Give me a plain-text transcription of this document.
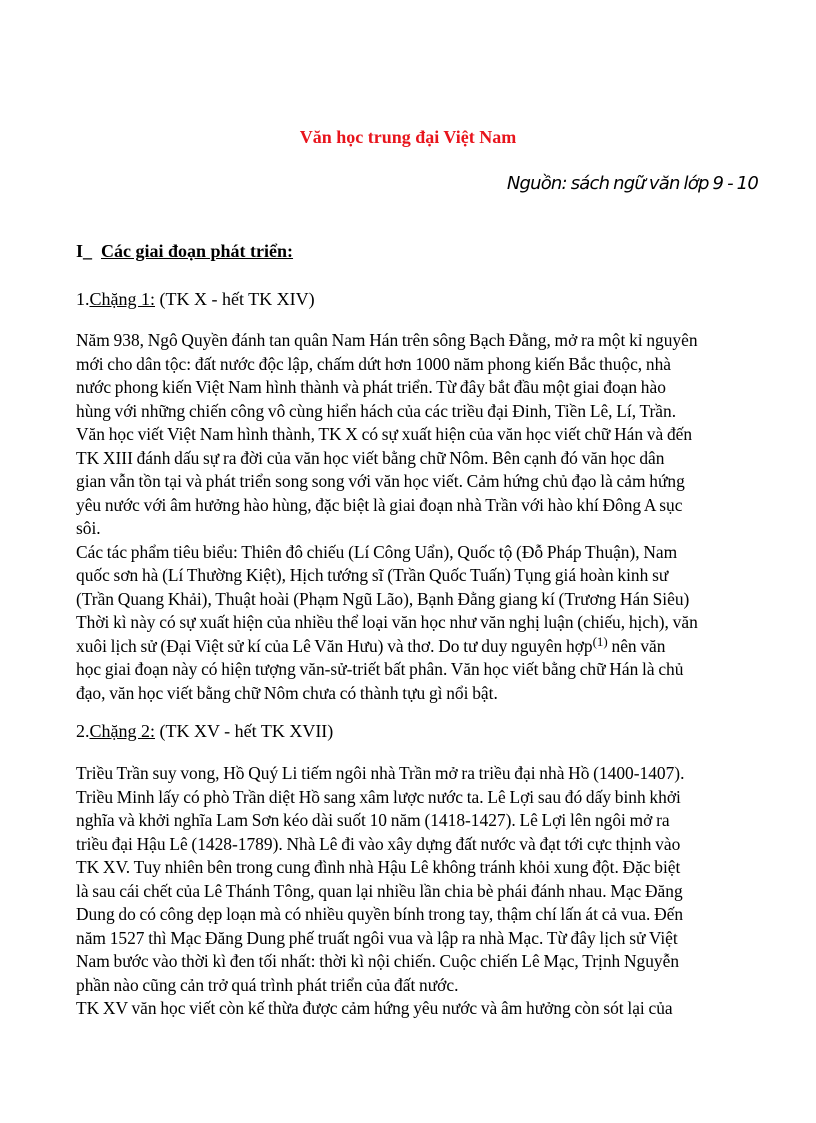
Văn học trung đại Việt Nam
Nguồn: sách ngữ văn lớp 9 - 10
I_ Các giai đoạn phát triển:
1.Chặng 1: (TK X - hết TK XIV)
Năm 938, Ngô Quyền đánh tan quân Nam Hán trên sông Bạch Đằng, mở ra một kỉ nguyên
mới cho dân tộc: đất nước độc lập, chấm dứt hơn 1000 năm phong kiến Bắc thuộc, nhà
nước phong kiến Việt Nam hình thành và phát triển. Từ đây bắt đầu một giai đoạn hào
hùng với những chiến công vô cùng hiển hách của các triều đại Đinh, Tiền Lê, Lí, Trần.
Văn học viết Việt Nam hình thành, TK X có sự xuất hiện của văn học viết chữ Hán và đến
TK XIII đánh dấu sự ra đời của văn học viết bằng chữ Nôm. Bên cạnh đó văn học dân
gian vẫn tồn tại và phát triển song song với văn học viết. Cảm hứng chủ đạo là cảm hứng
yêu nước với âm hưởng hào hùng, đặc biệt là giai đoạn nhà Trần với hào khí Đông A sục
sôi.
Các tác phẩm tiêu biểu: Thiên đô chiếu (Lí Công Uẩn), Quốc tộ (Đỗ Pháp Thuận), Nam
quốc sơn hà (Lí Thường Kiệt), Hịch tướng sĩ (Trần Quốc Tuấn) Tụng giá hoàn kinh sư
(Trần Quang Khải), Thuật hoài (Phạm Ngũ Lão), Bạnh Đằng giang kí (Trương Hán Siêu)
Thời kì này có sự xuất hiện của nhiều thể loại văn học như văn nghị luận (chiếu, hịch), văn
xuôi lịch sử (Đại Việt sử kí của Lê Văn Hưu) và thơ. Do tư duy nguyên hợp$^{(1)}$ nên văn
học giai đoạn này có hiện tượng văn-sử-triết bất phân. Văn học viết bằng chữ Hán là chủ
đạo, văn học viết bằng chữ Nôm chưa có thành tựu gì nổi bật.
2.Chặng 2: (TK XV - hết TK XVII)
Triều Trần suy vong, Hồ Quý Li tiếm ngôi nhà Trần mở ra triều đại nhà Hồ (1400-1407).
Triều Minh lấy có phò Trần diệt Hồ sang xâm lược nước ta. Lê Lợi sau đó dấy binh khởi
nghĩa và khởi nghĩa Lam Sơn kéo dài suốt 10 năm (1418-1427). Lê Lợi lên ngôi mở ra
triều đại Hậu Lê (1428-1789). Nhà Lê đi vào xây dựng đất nước và đạt tới cực thịnh vào
TK XV. Tuy nhiên bên trong cung đình nhà Hậu Lê không tránh khỏi xung đột. Đặc biệt
là sau cái chết của Lê Thánh Tông, quan lại nhiều lần chia bè phái đánh nhau. Mạc Đăng
Dung do có công dẹp loạn mà có nhiều quyền bính trong tay, thậm chí lấn át cả vua. Đến
năm 1527 thì Mạc Đăng Dung phế truất ngôi vua và lập ra nhà Mạc. Từ đây lịch sử Việt
Nam bước vào thời kì đen tối nhất: thời kì nội chiến. Cuộc chiến Lê Mạc, Trịnh Nguyễn
phần nào cũng cản trở quá trình phát triển của đất nước.
TK XV văn học viết còn kế thừa được cảm hứng yêu nước và âm hưởng còn sót lại của
